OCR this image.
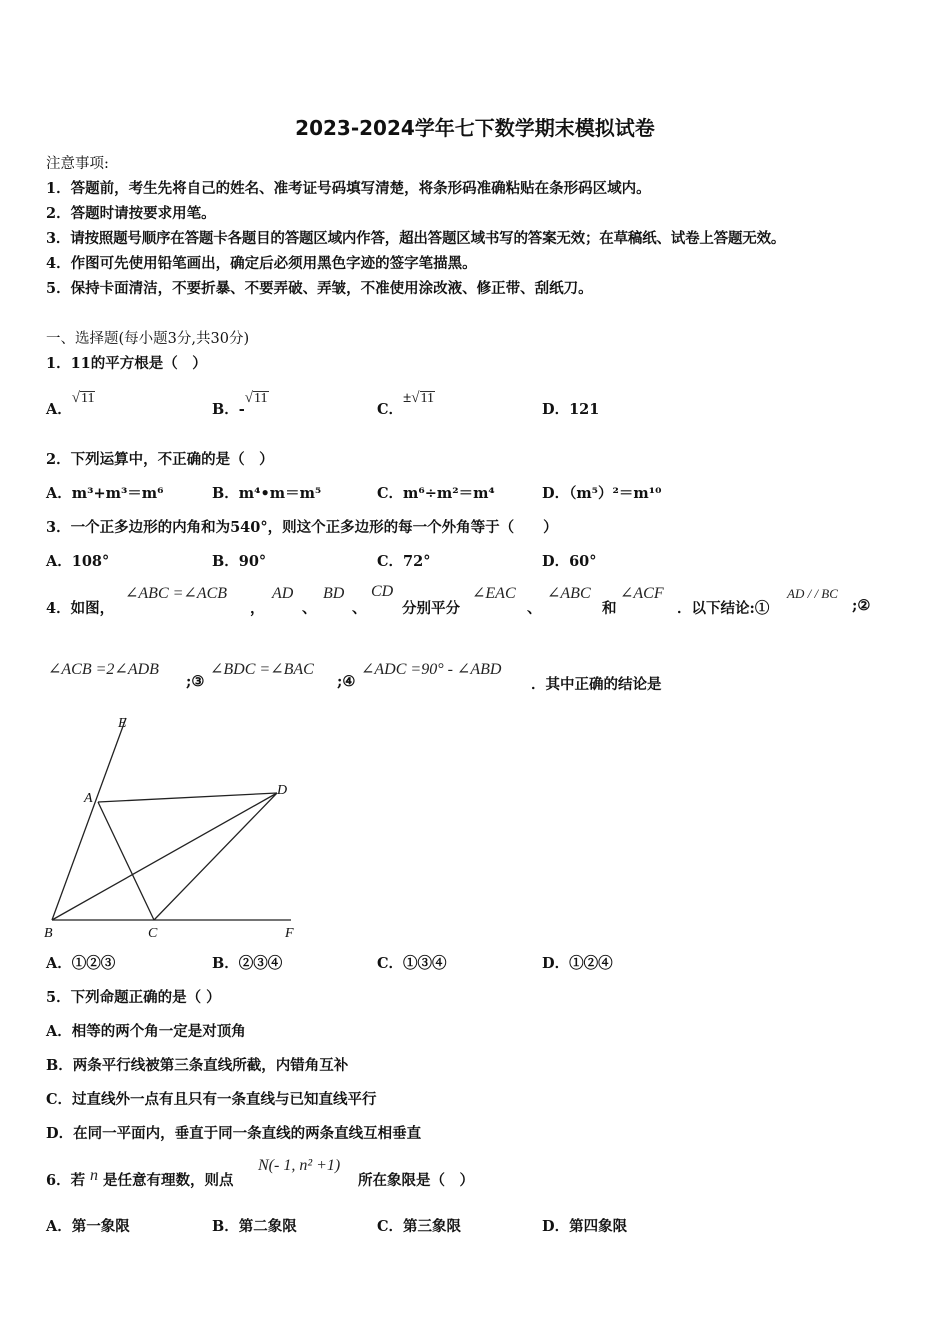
2023-2024学年七下数学期末模拟试卷
注意事项:
1．答题前，考生先将自己的姓名、准考证号码填写清楚，将条形码准确粘贴在条形码区域内。
2．答题时请按要求用笔。
3．请按照题号顺序在答题卡各题目的答题区域内作答，超出答题区域书写的答案无效；在草稿纸、试卷上答题无效。
4．作图可先使用铅笔画出，确定后必须用黑色字迹的签字笔描黑。
5．保持卡面清洁，不要折暴、不要弄破、弄皱，不准使用涂改液、修正带、刮纸刀。
一、选择题(每小题3分,共30分)
1．11的平方根是（　）
A．√11
B．-√11
C．±√11
D．121
2．下列运算中，不正确的是（　）
A．m³+m³＝m⁶	B．m⁴•m＝m⁵	C．m⁶÷m²＝m⁴	D．（m⁵）²＝m¹⁰
3．一个正多边形的内角和为540°，则这个正多边形的每一个外角等于（　　）
A．108°	B．90°	C．72°	D．60°
4．如图，
∠ABC =∠ACB
，
AD
、
BD
、
CD
分别平分
∠EAC
、
∠ABC
和
∠ACF
．以下结论:①
AD / / BC
;②
∠ACB =2∠ADB
;③
∠BDC =∠BAC
;④
∠ADC =90° - ∠ABD
．其中正确的结论是
E
A
D
B	C	F
A．①②③	B．②③④	C．①③④	D．①②④
5．下列命题正确的是（ ）
A．相等的两个角一定是对顶角
B．两条平行线被第三条直线所截，内错角互补
C．过直线外一点有且只有一条直线与已知直线平行
D．在同一平面内，垂直于同一条直线的两条直线互相垂直
6．若 n 是任意有理数，则点
N(- 1, n² +1)
所在象限是（　）
A．第一象限	B．第二象限	C．第三象限	D．第四象限
